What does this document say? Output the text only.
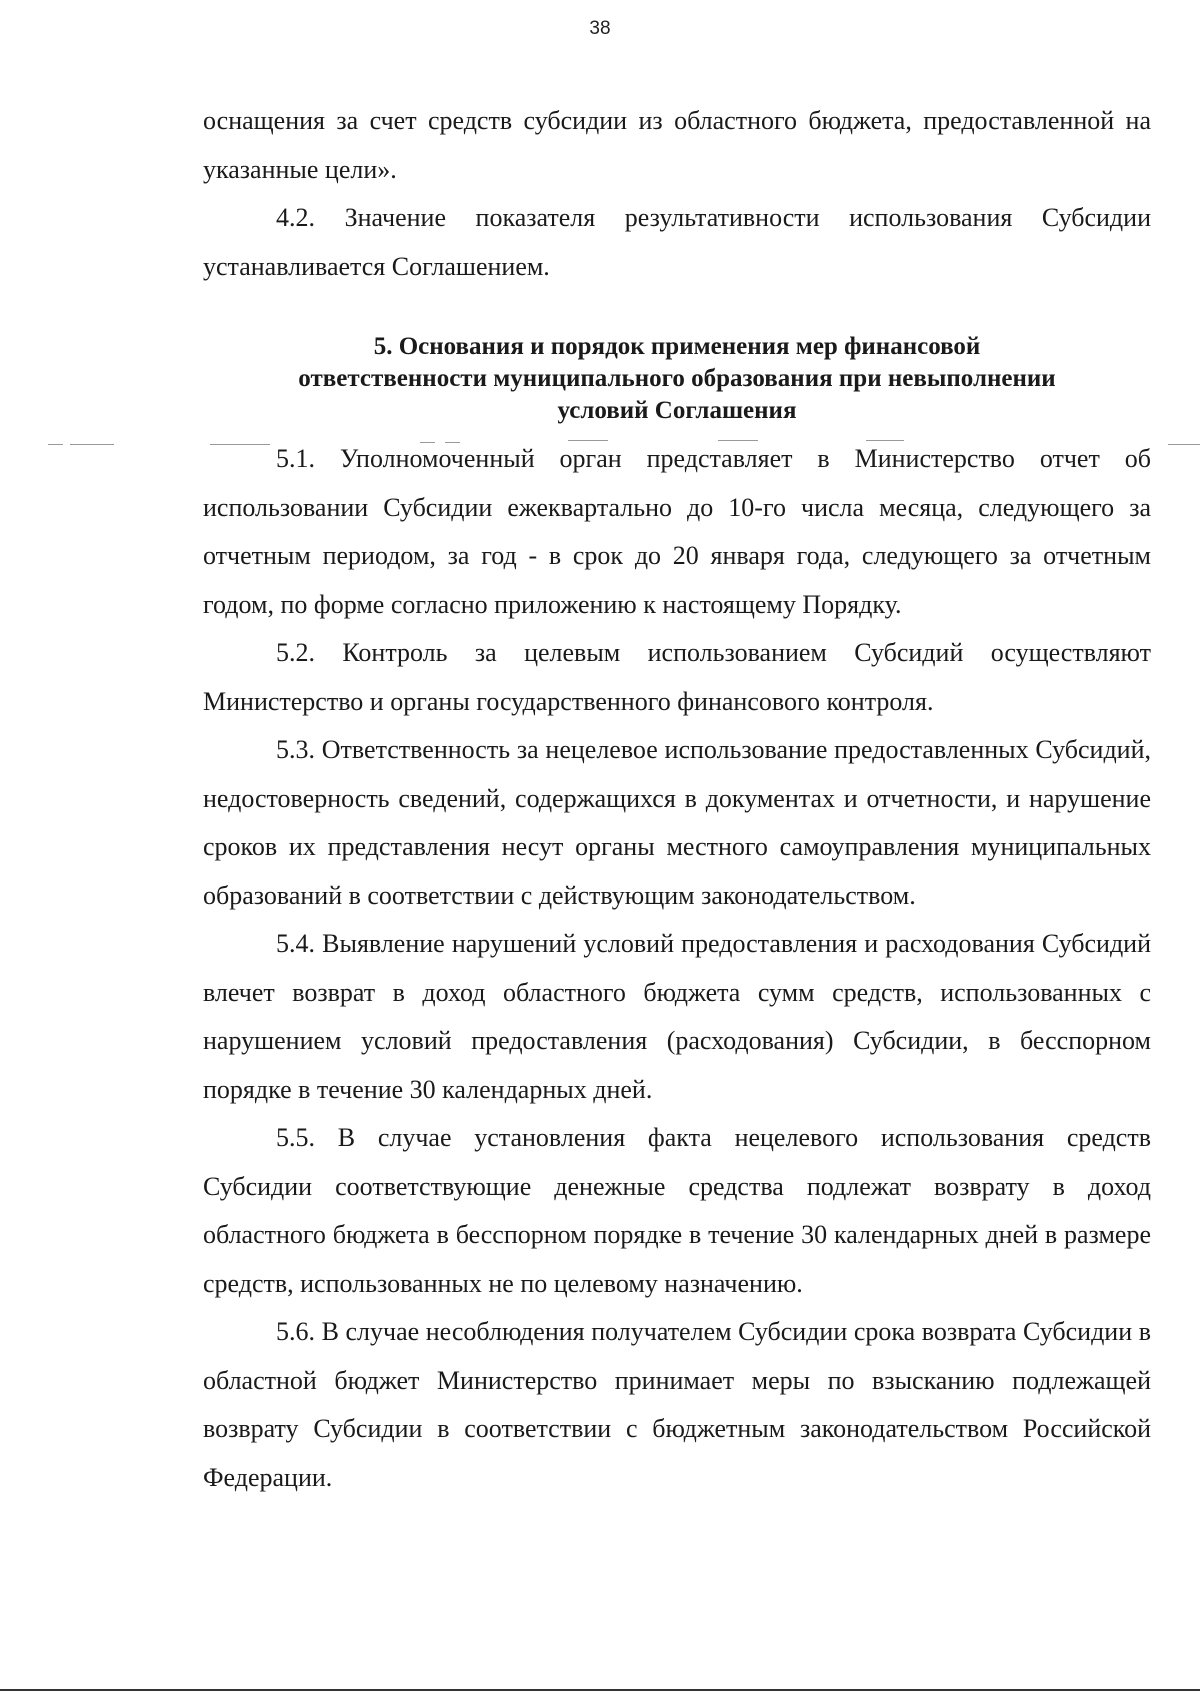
38

оснащения за счет средств субсидии из областного бюджета, предоставленной на указанные цели».

4.2. Значение показателя результативности использования Субсидии устанавливается Соглашением.

5. Основания и порядок применения мер финансовой
ответственности муниципального образования при невыполнении
условий Соглашения

5.1. Уполномоченный орган представляет в Министерство отчет об использовании Субсидии ежеквартально до 10-го числа месяца, следующего за отчетным периодом, за год - в срок до 20 января года, следующего за отчетным годом, по форме согласно приложению к настоящему Порядку.

5.2. Контроль за целевым использованием Субсидий осуществляют Министерство и органы государственного финансового контроля.

5.3. Ответственность за нецелевое использование предоставленных Субсидий, недостоверность сведений, содержащихся в документах и отчетности, и нарушение сроков их представления несут органы местного самоуправления муниципальных образований в соответствии с действующим законодательством.

5.4. Выявление нарушений условий предоставления и расходования Субсидий влечет возврат в доход областного бюджета сумм средств, использованных с нарушением условий предоставления (расходования) Субсидии, в бесспорном порядке в течение 30 календарных дней.

5.5. В случае установления факта нецелевого использования средств Субсидии соответствующие денежные средства подлежат возврату в доход областного бюджета в бесспорном порядке в течение 30 календарных дней в размере средств, использованных не по целевому назначению.

5.6. В случае несоблюдения получателем Субсидии срока возврата Субсидии в областной бюджет Министерство принимает меры по взысканию подлежащей возврату Субсидии в соответствии с бюджетным законодательством Российской Федерации.
